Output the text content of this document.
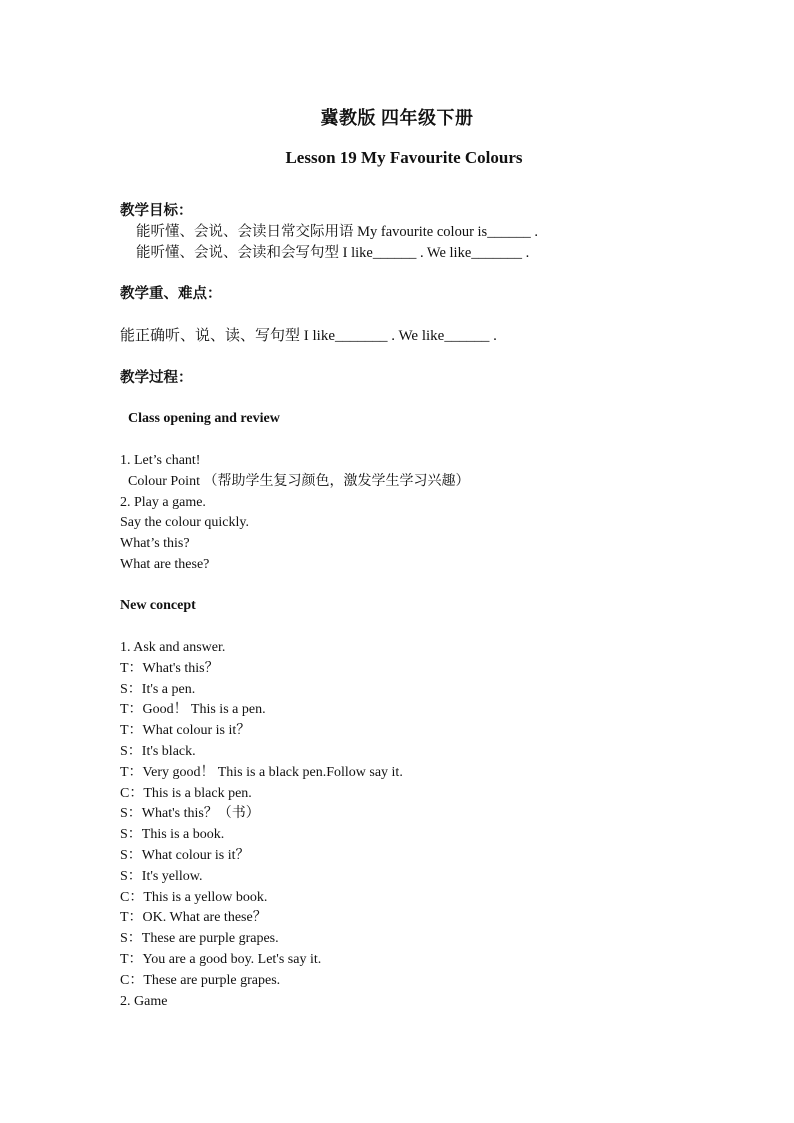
冀教版 四年级下册
Lesson 19 My Favourite Colours
教学目标：
能听懂、会说、会读日常交际用语 My favourite colour is______ .
能听懂、会说、会读和会写句型 I like______ . We like_______ .
教学重、难点：
能正确听、说、读、写句型 I like_______ . We like______ .
教学过程：
Class opening and review
1. Let’s chant!
Colour Point （帮助学生复习颜色，激发学生学习兴趣）
2. Play a game.
Say the colour quickly.
What’s this?
What are these?
New concept
1. Ask and answer.
T：What's this？
S：It's a pen.
T：Good！ This is a pen.
T：What colour is it？
S：It's black.
T：Very good！ This is a black pen.Follow say it.
C：This is a black pen.
S：What's this？（书）
S：This is a book.
S：What colour is it？
S：It's yellow.
C：This is a yellow book.
T：OK. What are these？
S：These are purple grapes.
T：You are a good boy. Let's say it.
C：These are purple grapes.
2. Game
